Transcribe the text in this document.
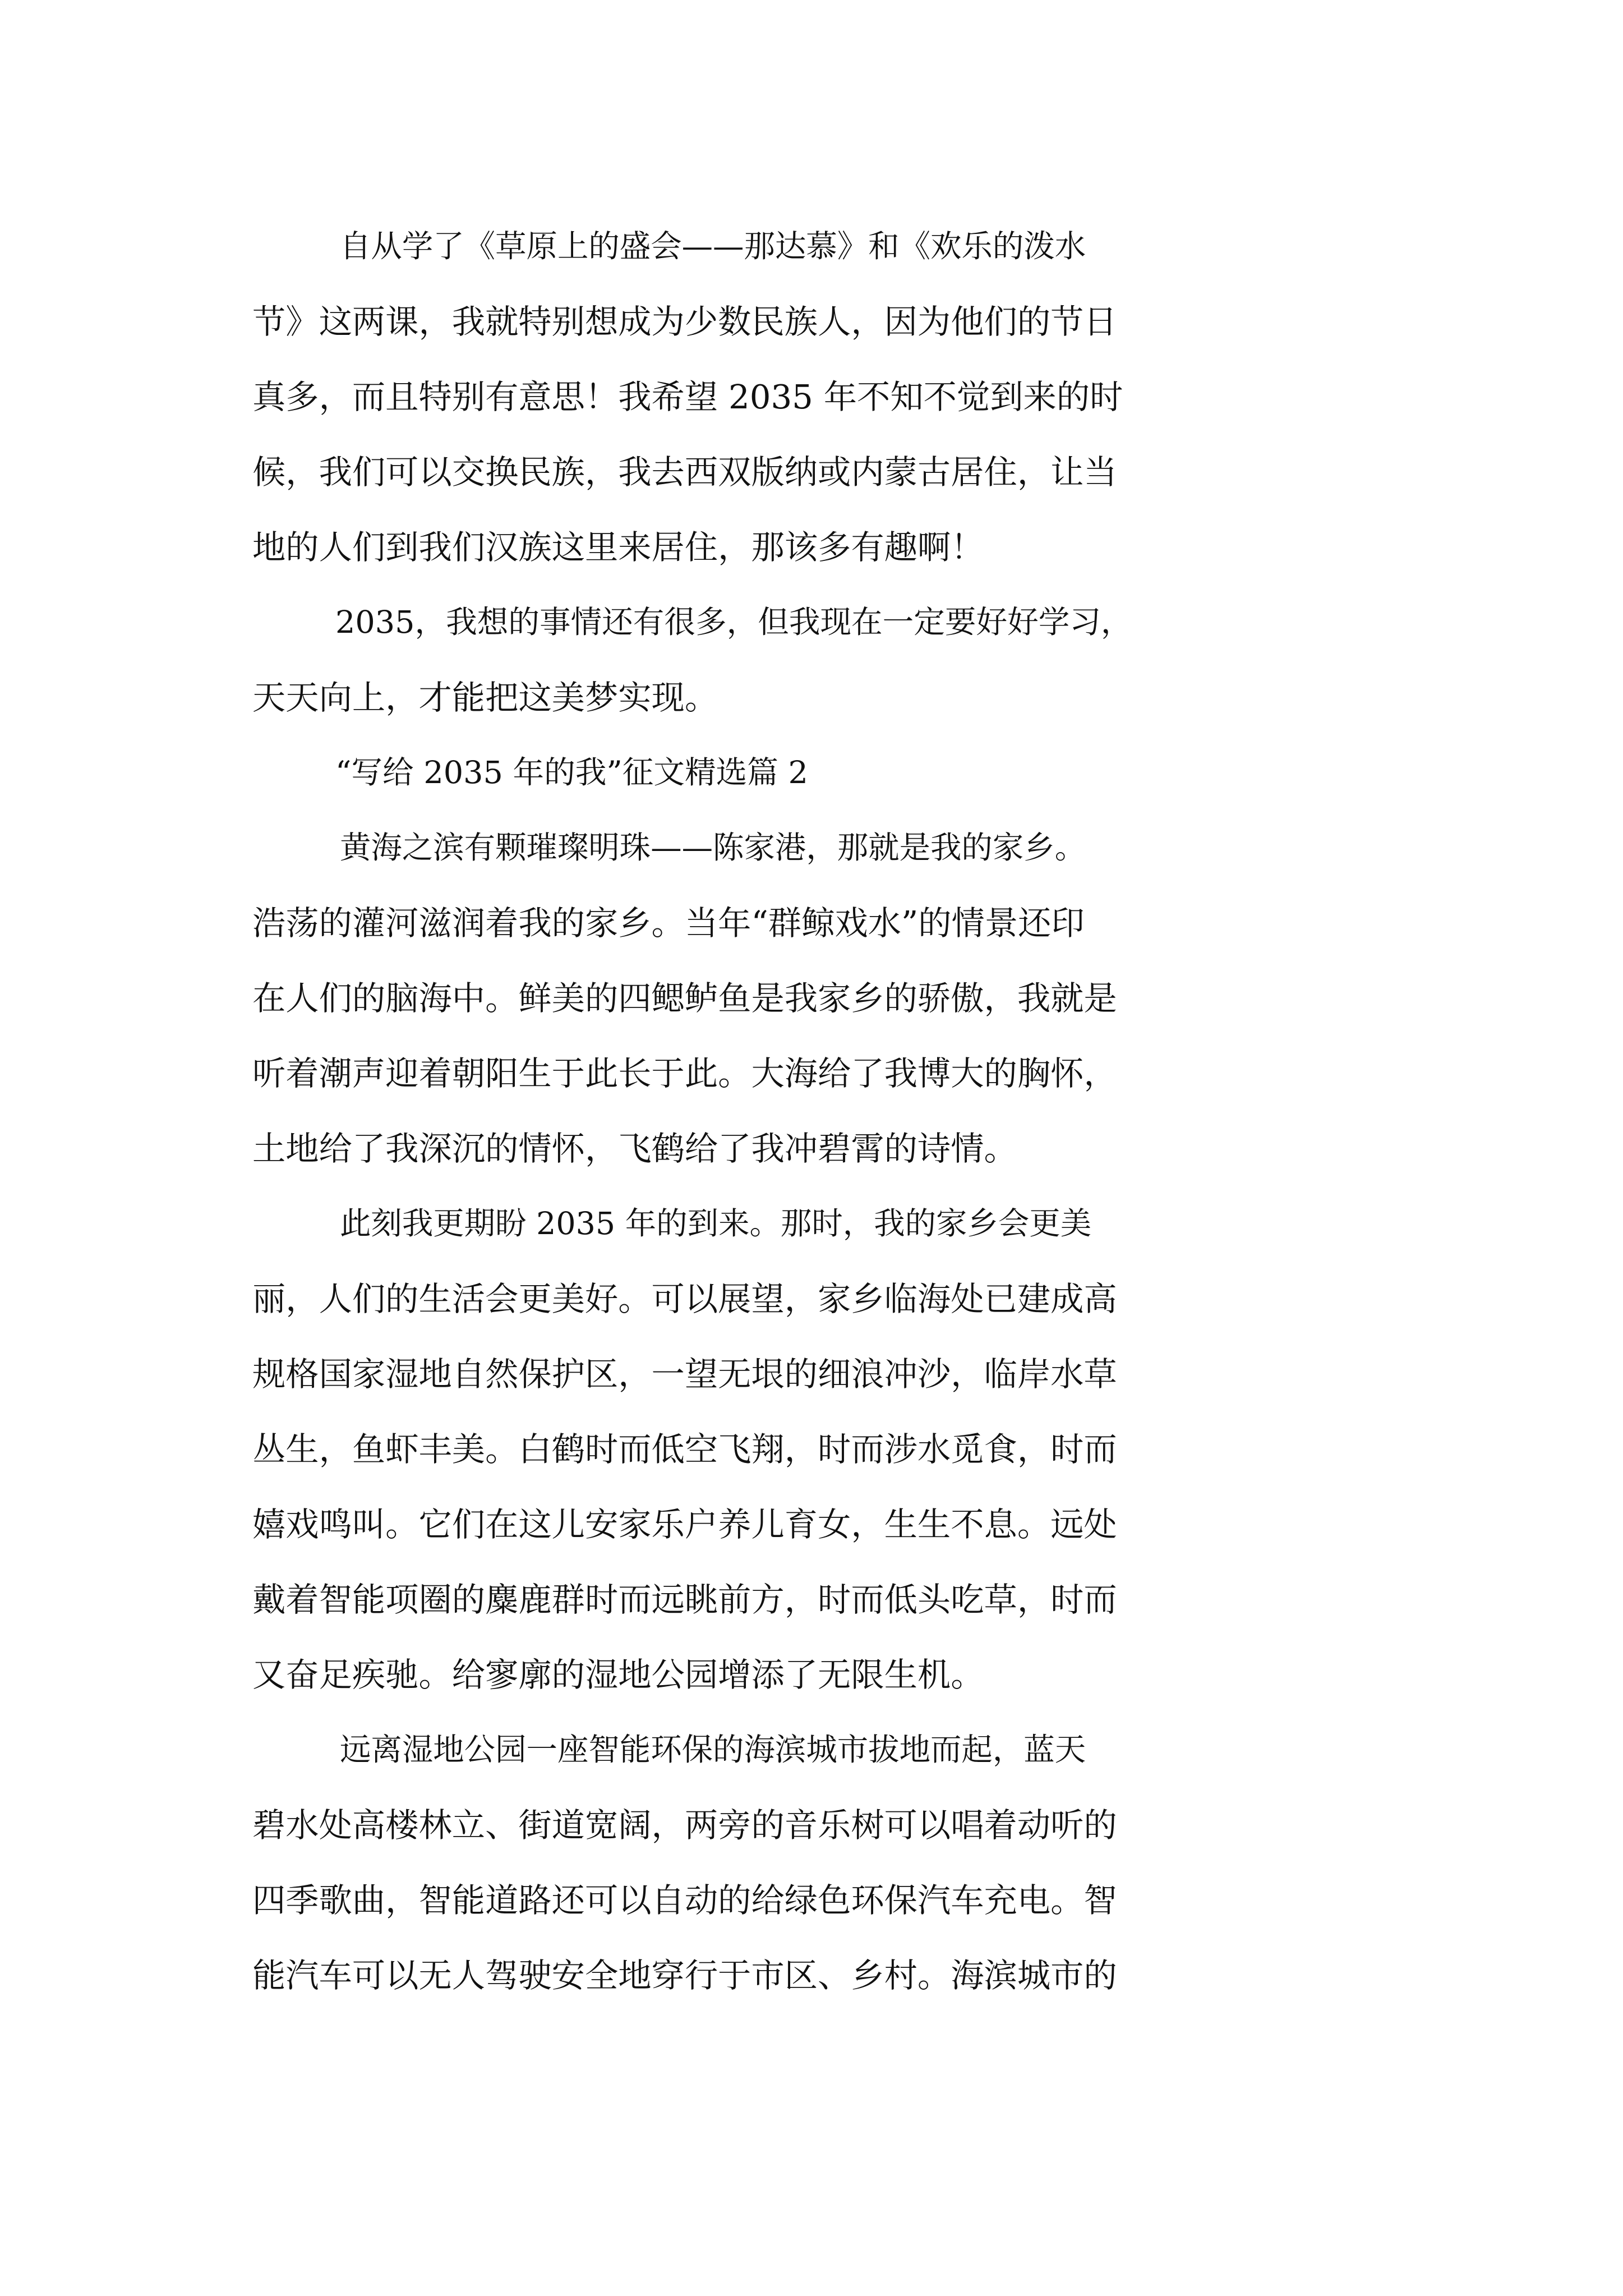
自从学了《草原上的盛会——那达慕》和《欢乐的泼水

节》这两课，我就特别想成为少数民族人，因为他们的节日

真多，而且特别有意思！我希望 2035 年不知不觉到来的时

候，我们可以交换民族，我去西双版纳或内蒙古居住，让当

地的人们到我们汉族这里来居住，那该多有趣啊！

2035，我想的事情还有很多，但我现在一定要好好学习，

天天向上，才能把这美梦实现。

“写给 2035 年的我”征文精选篇 2

黄海之滨有颗璀璨明珠——陈家港，那就是我的家乡。

浩荡的灌河滋润着我的家乡。当年“群鲸戏水”的情景还印

在人们的脑海中。鲜美的四鳃鲈鱼是我家乡的骄傲，我就是

听着潮声迎着朝阳生于此长于此。大海给了我博大的胸怀，

土地给了我深沉的情怀，飞鹤给了我冲碧霄的诗情。

此刻我更期盼 2035 年的到来。那时，我的家乡会更美

丽，人们的生活会更美好。可以展望，家乡临海处已建成高

规格国家湿地自然保护区，一望无垠的细浪冲沙，临岸水草

丛生，鱼虾丰美。白鹤时而低空飞翔，时而涉水觅食，时而

嬉戏鸣叫。它们在这儿安家乐户养儿育女，生生不息。远处

戴着智能项圈的麋鹿群时而远眺前方，时而低头吃草，时而

又奋足疾驰。给寥廓的湿地公园增添了无限生机。

远离湿地公园一座智能环保的海滨城市拔地而起，蓝天

碧水处高楼林立、街道宽阔，两旁的音乐树可以唱着动听的

四季歌曲，智能道路还可以自动的给绿色环保汽车充电。智

能汽车可以无人驾驶安全地穿行于市区、乡村。海滨城市的
